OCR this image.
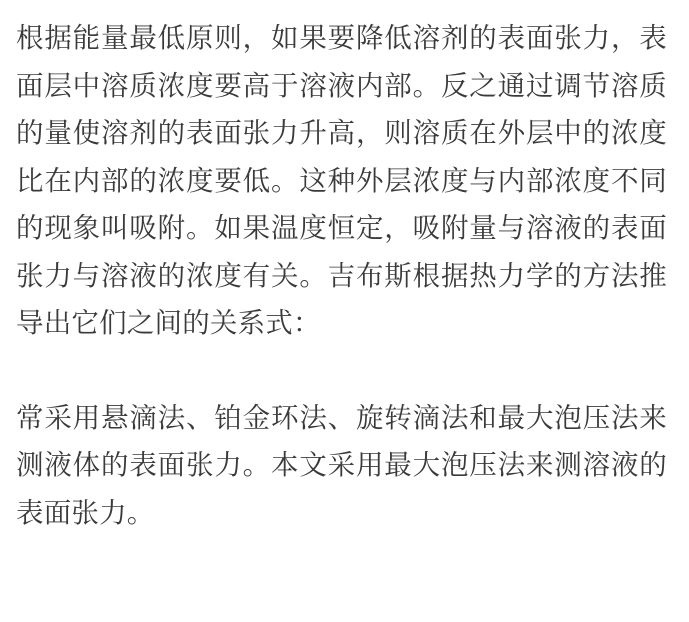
根据能量最低原则，如果要降低溶剂的表面张力，表面层中溶质浓度要高于溶液内部。反之通过调节溶质的量使溶剂的表面张力升高，则溶质在外层中的浓度比在内部的浓度要低。这种外层浓度与内部浓度不同的现象叫吸附。如果温度恒定，吸附量与溶液的表面张力与溶液的浓度有关。吉布斯根据热力学的方法推导出它们之间的关系式：

常采用悬滴法、铂金环法、旋转滴法和最大泡压法来测液体的表面张力。本文采用最大泡压法来测溶液的表面张力。
